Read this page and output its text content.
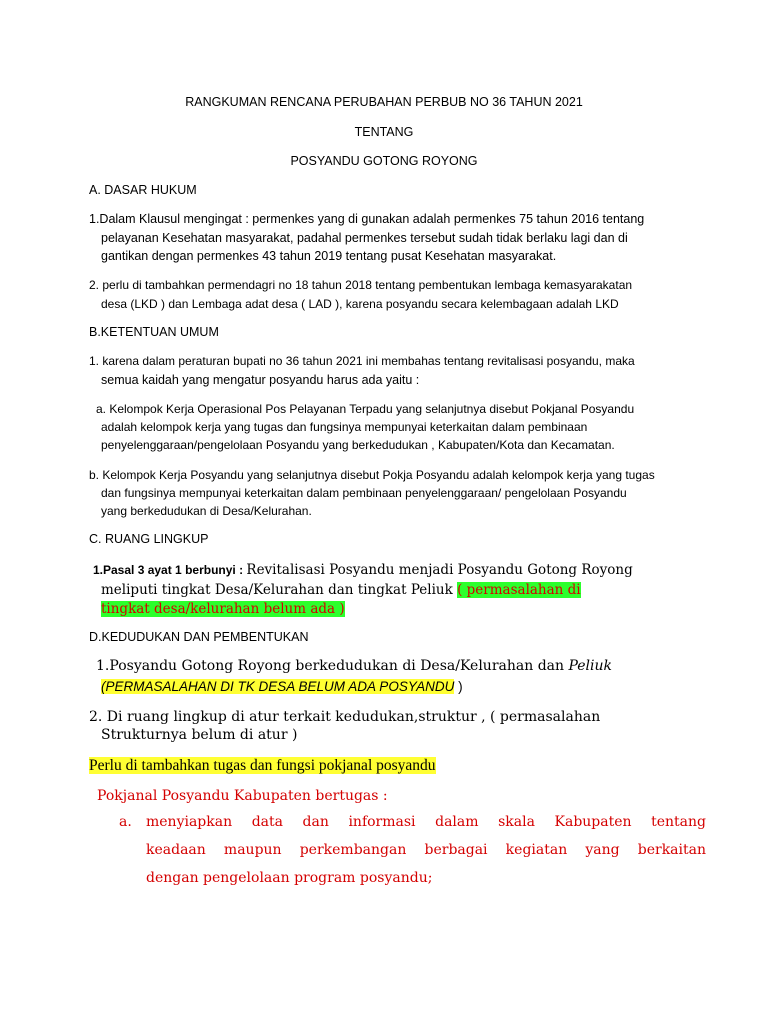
RANGKUMAN RENCANA PERUBAHAN PERBUB NO 36 TAHUN 2021
TENTANG
POSYANDU GOTONG ROYONG
A. DASAR HUKUM
1.Dalam Klausul mengingat : permenkes yang di gunakan adalah permenkes 75 tahun 2016 tentang
pelayanan Kesehatan masyarakat, padahal permenkes tersebut sudah tidak berlaku lagi dan di
gantikan dengan permenkes 43 tahun 2019 tentang pusat Kesehatan masyarakat.
2. perlu di tambahkan permendagri no 18 tahun 2018 tentang pembentukan lembaga kemasyarakatan
desa (LKD ) dan Lembaga adat desa ( LAD ), karena posyandu secara kelembagaan adalah LKD
B.KETENTUAN UMUM
1. karena dalam peraturan bupati no 36 tahun 2021 ini membahas tentang revitalisasi posyandu, maka
semua kaidah yang mengatur posyandu harus ada yaitu :
a. Kelompok Kerja Operasional Pos Pelayanan Terpadu yang selanjutnya disebut Pokjanal Posyandu
adalah kelompok kerja yang tugas dan fungsinya mempunyai keterkaitan dalam pembinaan
penyelenggaraan/pengelolaan Posyandu yang berkedudukan , Kabupaten/Kota dan Kecamatan.
b. Kelompok Kerja Posyandu yang selanjutnya disebut Pokja Posyandu adalah kelompok kerja yang tugas
dan fungsinya mempunyai keterkaitan dalam pembinaan penyelenggaraan/ pengelolaan Posyandu
yang berkedudukan di Desa/Kelurahan.
C. RUANG LINGKUP
1.Pasal 3 ayat 1 berbunyi : Revitalisasi Posyandu menjadi Posyandu Gotong Royong
meliputi tingkat Desa/Kelurahan dan tingkat Peliuk ( permasalahan di
tingkat desa/kelurahan belum ada )
D.KEDUDUKAN DAN PEMBENTUKAN
1.Posyandu Gotong Royong berkedudukan di Desa/Kelurahan dan Peliuk
(PERMASALAHAN DI TK DESA BELUM ADA POSYANDU )
2. Di ruang lingkup di atur terkait kedudukan,struktur , ( permasalahan
Strukturnya belum di atur )
Perlu di tambahkan tugas dan fungsi pokjanal posyandu
Pokjanal Posyandu Kabupaten bertugas :
a. menyiapkan data dan informasi dalam skala Kabupaten tentang
keadaan maupun perkembangan berbagai kegiatan yang berkaitan
dengan pengelolaan program posyandu;
